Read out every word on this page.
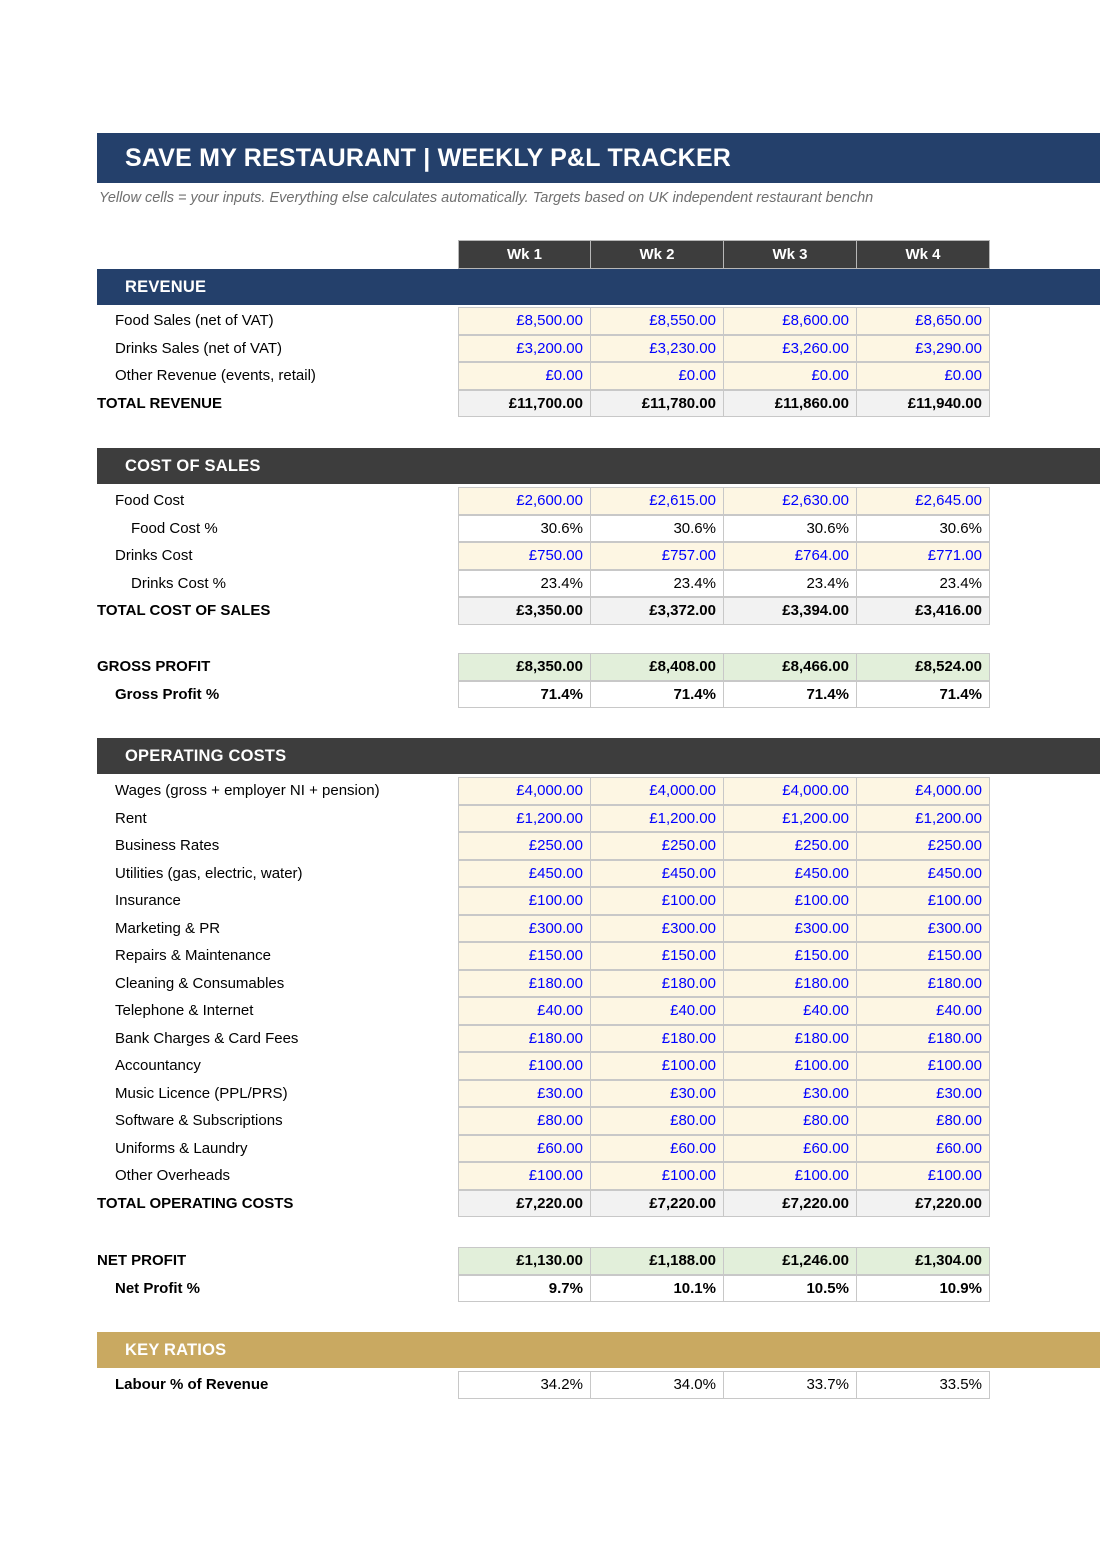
SAVE MY RESTAURANT | WEEKLY P&L TRACKER
Yellow cells = your inputs. Everything else calculates automatically. Targets based on UK independent restaurant benchn
Wk 1	Wk 2	Wk 3	Wk 4
REVENUE
Food Sales (net of VAT)	£8,500.00	£8,550.00	£8,600.00	£8,650.00
Drinks Sales (net of VAT)	£3,200.00	£3,230.00	£3,260.00	£3,290.00
Other Revenue (events, retail)	£0.00	£0.00	£0.00	£0.00
TOTAL REVENUE	£11,700.00	£11,780.00	£11,860.00	£11,940.00
COST OF SALES
Food Cost	£2,600.00	£2,615.00	£2,630.00	£2,645.00
Food Cost %	30.6%	30.6%	30.6%	30.6%
Drinks Cost	£750.00	£757.00	£764.00	£771.00
Drinks Cost %	23.4%	23.4%	23.4%	23.4%
TOTAL COST OF SALES	£3,350.00	£3,372.00	£3,394.00	£3,416.00
GROSS PROFIT	£8,350.00	£8,408.00	£8,466.00	£8,524.00
Gross Profit %	71.4%	71.4%	71.4%	71.4%
OPERATING COSTS
Wages (gross + employer NI + pension)	£4,000.00	£4,000.00	£4,000.00	£4,000.00
Rent	£1,200.00	£1,200.00	£1,200.00	£1,200.00
Business Rates	£250.00	£250.00	£250.00	£250.00
Utilities (gas, electric, water)	£450.00	£450.00	£450.00	£450.00
Insurance	£100.00	£100.00	£100.00	£100.00
Marketing & PR	£300.00	£300.00	£300.00	£300.00
Repairs & Maintenance	£150.00	£150.00	£150.00	£150.00
Cleaning & Consumables	£180.00	£180.00	£180.00	£180.00
Telephone & Internet	£40.00	£40.00	£40.00	£40.00
Bank Charges & Card Fees	£180.00	£180.00	£180.00	£180.00
Accountancy	£100.00	£100.00	£100.00	£100.00
Music Licence (PPL/PRS)	£30.00	£30.00	£30.00	£30.00
Software & Subscriptions	£80.00	£80.00	£80.00	£80.00
Uniforms & Laundry	£60.00	£60.00	£60.00	£60.00
Other Overheads	£100.00	£100.00	£100.00	£100.00
TOTAL OPERATING COSTS	£7,220.00	£7,220.00	£7,220.00	£7,220.00
NET PROFIT	£1,130.00	£1,188.00	£1,246.00	£1,304.00
Net Profit %	9.7%	10.1%	10.5%	10.9%
KEY RATIOS
Labour % of Revenue	34.2%	34.0%	33.7%	33.5%
